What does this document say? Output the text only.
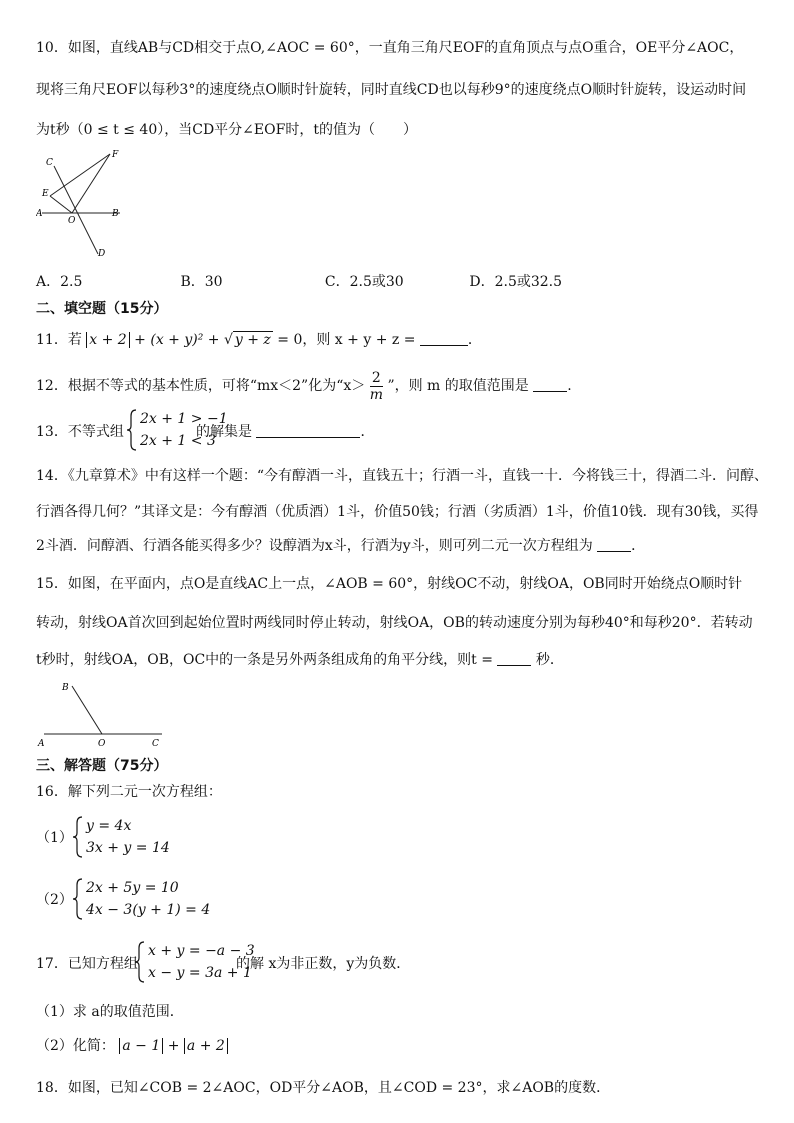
10．如图，直线AB与CD相交于点O,∠AOC = 60°，一直角三角尺EOF的直角顶点与点O重合，OE平分∠AOC，
现将三角尺EOF以每秒3°的速度绕点O顺时针旋转，同时直线CD也以每秒9°的速度绕点O顺时针旋转，设运动时间
为t秒（0 ≤ t ≤ 40），当CD平分∠EOF时，t的值为（　　）
C
F
E
A
O
B
D
A．2.5	B．30	C．2.5或30	D．2.5或32.5
二、填空题（15分）
11．若 x + 2 + (x + y)² + √ y + z = 0，则 x + y + z =	．
12．根据不等式的基本性质，可将“mx＜2”化为“$x> \frac{2}{m}$ ”，则 m 的取值范围是	.
13．不等式组
2x + 1 > −1
2x + 1 < 3
的解集是	．
14．《九章算术》中有这样一个题：“今有醇酒一斗，直钱五十；行酒一斗，直钱一十．今将钱三十，得酒二斗．问醇、
行酒各得几何？”其译文是：今有醇酒（优质酒）1斗，价值50钱；行酒（劣质酒）1斗，价值10钱．现有30钱，买得
2斗酒．问醇酒、行酒各能买得多少？设醇酒为x斗，行酒为y斗，则可列二元一次方程组为	．
15．如图，在平面内，点O是直线AC上一点，∠AOB = 60°，射线OC不动，射线OA，OB同时开始绕点O顺时针
转动，射线OA首次回到起始位置时两线同时停止转动，射线OA，OB的转动速度分别为每秒40°和每秒20°．若转动
t秒时，射线OA，OB，OC中的一条是另外两条组成角的角平分线，则t =	秒．
B
A	O	C
三、解答题（75分）
16．解下列二元一次方程组：
（1）
y = 4x
3x + y = 14
（2）
2x + 5y = 10
4x − 3(y + 1) = 4
17．已知方程组
x + y = −a − 3
x − y = 3a + 1
的解 x为非正数，y为负数．
（1）求 a的取值范围．
（2）化简： a − 1 + a + 2
18．如图，已知∠COB = 2∠AOC，OD平分∠AOB，且∠COD = 23°，求∠AOB的度数．
